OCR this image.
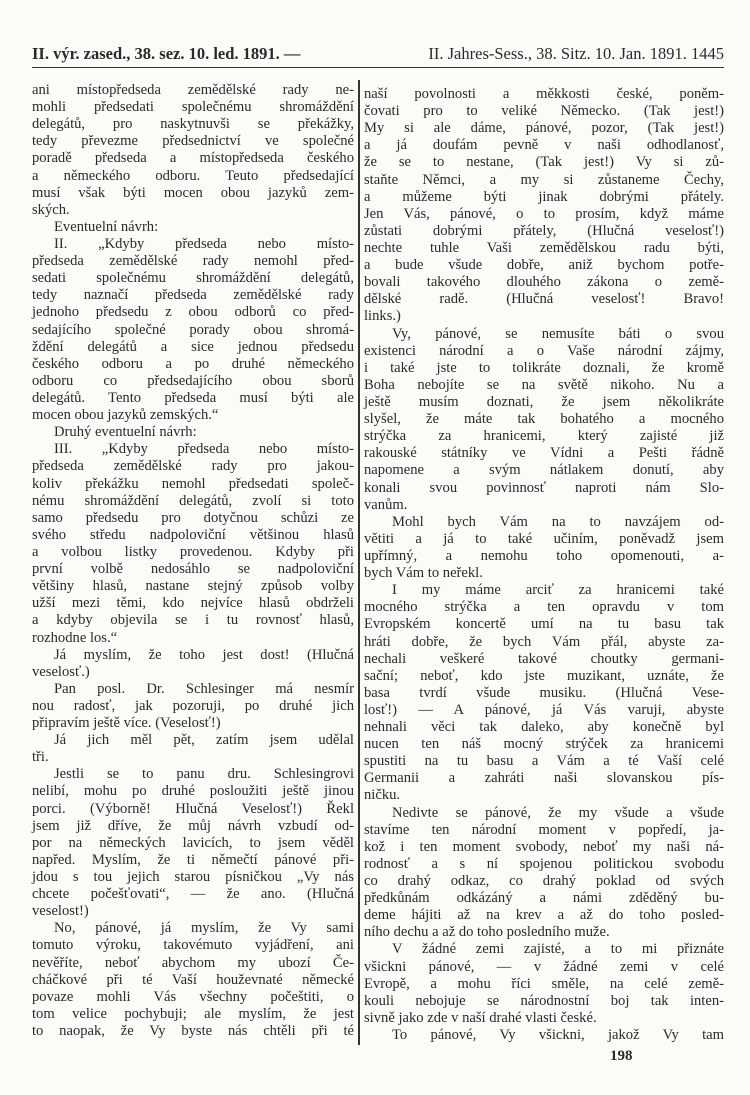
II. výr. zased., 38. sez. 10. led. 1891. —	II. Jahres-Sess., 38. Sitz. 10. Jan. 1891. 1445
ani místopředseda zemědělské rady ne-
mohli předsedati společnému shromáždění
delegátů, pro naskytnuvši se překážky,
tedy převezme předsednictví ve společné
poradě předseda a místopředseda českého
a německého odboru. Teuto předsedající
musí však býti mocen obou jazyků zem-
ských.
Eventuelní návrh:
II. „Kdyby předseda nebo místo-
předseda zemědělské rady nemohl před-
sedati společnému shromáždění delegátů,
tedy naznačí předseda zemědělské rady
jednoho předsedu z obou odborů co před-
sedajícího společné porady obou shromá-
ždění delegátů a sice jednou předsedu
českého odboru a po druhé německého
odboru co předsedajícího obou sborů
delegátů. Tento předseda musí býti ale
mocen obou jazyků zemských.“
Druhý eventuelní návrh:
III. „Kdyby předseda nebo místo-
předseda zemědělské rady pro jakou-
koliv překážku nemohl předsedati společ-
nému shromáždění delegátů, zvolí si toto
samo předsedu pro dotyčnou schůzi ze
svého středu nadpoloviční většinou hlasů
a volbou listky provedenou. Kdyby při
první volbě nedosáhlo se nadpoloviční
většiny hlasů, nastane stejný způsob volby
užší mezi těmi, kdo nejvíce hlasů obdrželi
a kdyby objevila se i tu rovnosť hlasů,
rozhodne los.“
Já myslím, že toho jest dost! (Hlučná
veselosť.)
Pan posl. Dr. Schlesinger má nesmír
nou radosť, jak pozoruji, po druhé jich
připravím ještě více. (Veselosť!)
Já jich měl pět, zatím jsem udělal
tři.
Jestli se to panu dru. Schlesingrovi
nelibí, mohu po druhé posloužiti ještě jinou
porci. (Výborně! Hlučná Veselosť!) Řekl
jsem již dříve, že můj návrh vzbudí od-
por na německých lavicích, to jsem věděl
napřed. Myslím, že ti němečtí pánové při-
jdou s tou jejich starou písničkou „Vy nás
chcete počešťovati“, — že ano. (Hlučná
veselost!)
No, pánové, já myslím, že Vy sami
tomuto výroku, takovémuto vyjádření, ani
nevěříte, neboť abychom my ubozí Če-
cháčkové při té Vaší houževnaté německé
povaze mohli Vás všechny počeštiti, o
tom velice pochybuji; ale myslím, že jest
to naopak, že Vy byste nás chtěli při té
naší povolnosti a měkkosti české, poněm-
čovati pro to veliké Německo. (Tak jest!)
My si ale dáme, pánové, pozor, (Tak jest!)
a já doufám pevně v naši odhodlanosť,
že se to nestane, (Tak jest!) Vy si zů-
staňte Němci, a my si zůstaneme Čechy,
a můžeme býti jinak dobrými přátely.
Jen Vás, pánové, o to prosím, když máme
zůstati dobrými přátely, (Hlučná veselosť!)
nechte tuhle Vaši zemědělskou radu býti,
a bude všude dobře, aniž bychom potře-
bovali takového dlouhého zákona o země-
dělské radě. (Hlučná veselosť! Bravo!
links.)
Vy, pánové, se nemusíte báti o svou
existenci národní a o Vaše národní zájmy,
i také jste to tolikráte doznali, že kromě
Boha nebojíte se na světě nikoho. Nu a
ještě musím doznati, že jsem několikráte
slyšel, že máte tak bohatého a mocného
strýčka za hranicemi, který zajisté již
rakouské státníky ve Vídni a Pešti řádně
napomene a svým nátlakem donutí, aby
konali svou povinnosť naproti nám Slo-
vanům.
Mohl bych Vám na to navzájem od-
větiti a já to také učiním, poněvadž jsem
upřímný, a nemohu toho opomenouti, a-
bych Vám to neřekl.
I my máme arciť za hranicemi také
mocného strýčka a ten opravdu v tom
Evropském koncertě umí na tu basu tak
hráti dobře, že bych Vám přál, abyste za-
nechali veškeré takové choutky germani-
sační; neboť, kdo jste muzikant, uznáte, že
basa tvrdí všude musiku. (Hlučná Vese-
losť!) — A pánové, já Vás varuji, abyste
nehnali věci tak daleko, aby konečně byl
nucen ten náš mocný strýček za hranicemi
spustiti na tu basu a Vám a té Vaší celé
Germanii a zahráti naši slovanskou pís-
ničku.
Nedivte se pánové, že my všude a všude
stavíme ten národní moment v popředí, ja-
kož i ten moment svobody, neboť my naši ná-
rodnosť a s ní spojenou politickou svobodu
co drahý odkaz, co drahý poklad od svých
předkůnám odkázáný a námi zděděný bu-
deme hájiti až na krev a až do toho posled-
ního dechu a až do toho posledního muže.
V žádné zemi zajisté, a to mi přiznáte
všickni pánové, — v žádné zemi v celé
Evropě, a mohu říci směle, na celé země-
kouli nebojuje se národnostní boj tak inten-
sivně jako zde v naší drahé vlasti české.
To pánové, Vy všickni, jakož Vy tam
198
